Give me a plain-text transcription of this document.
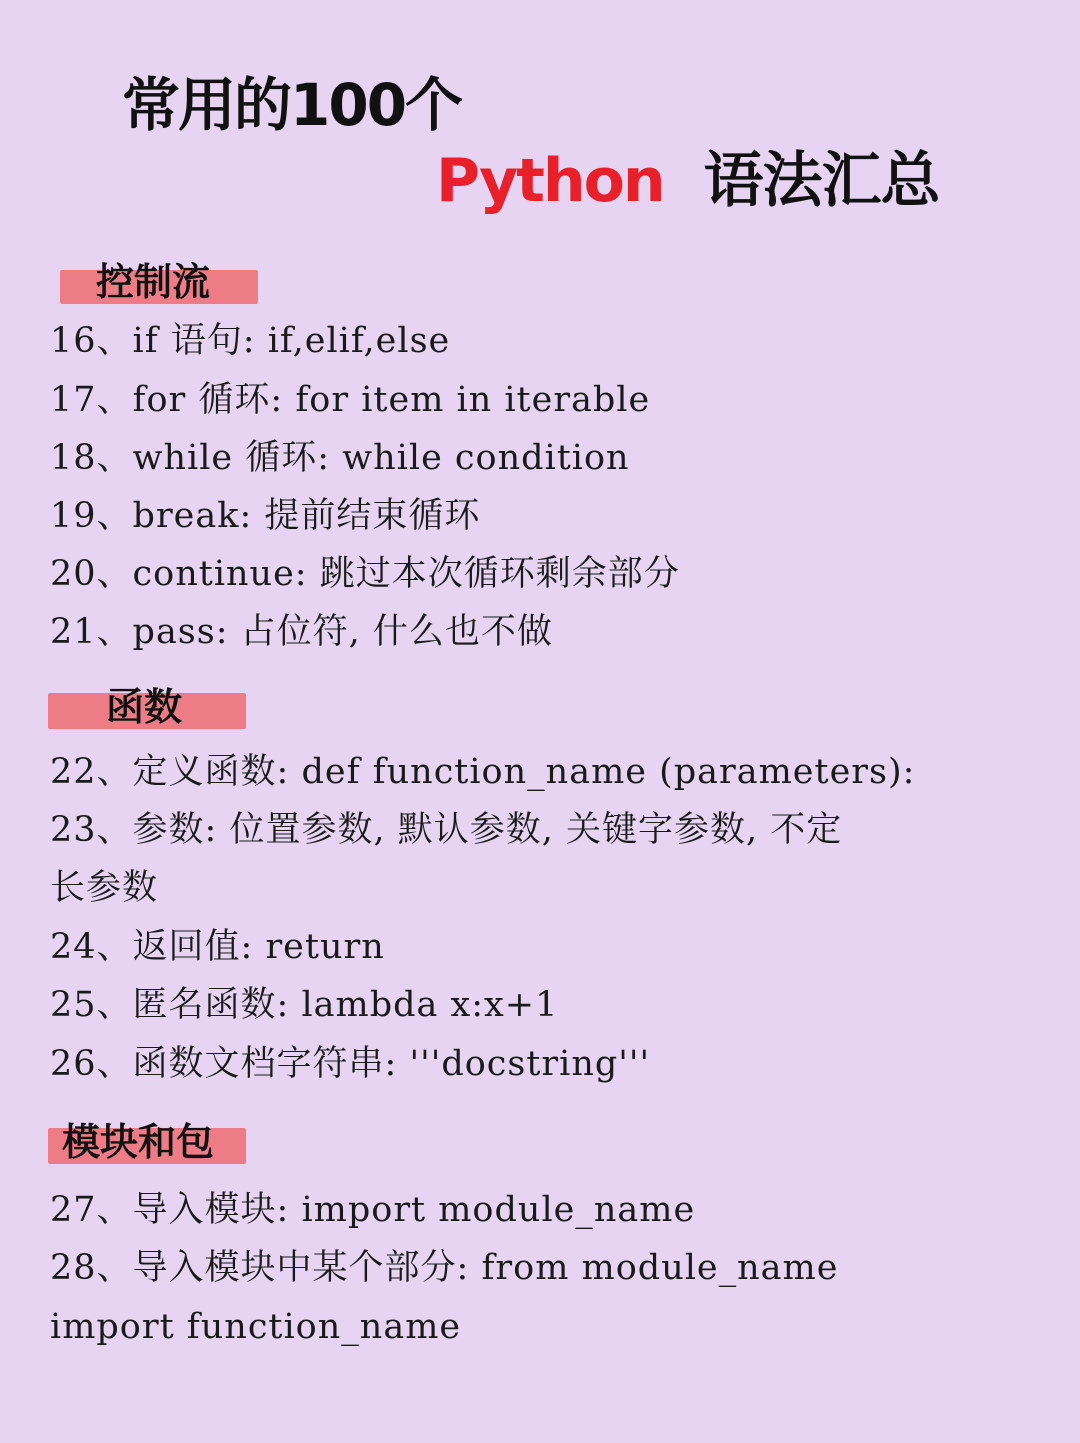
常用的100个
Python 语法汇总
控制流
16、if 语句: if,elif,else
17、for 循环: for item in iterable
18、while 循环: while condition
19、break: 提前结束循环
20、continue: 跳过本次循环剩余部分
21、pass: 占位符, 什么也不做
函数
22、定义函数: def function_name (parameters):
23、参数: 位置参数, 默认参数, 关键字参数, 不定
长参数
24、返回值: return
25、匿名函数: lambda x:x+1
26、函数文档字符串: '''docstring'''
模块和包
27、导入模块: import module_name
28、导入模块中某个部分: from module_name
import function_name
